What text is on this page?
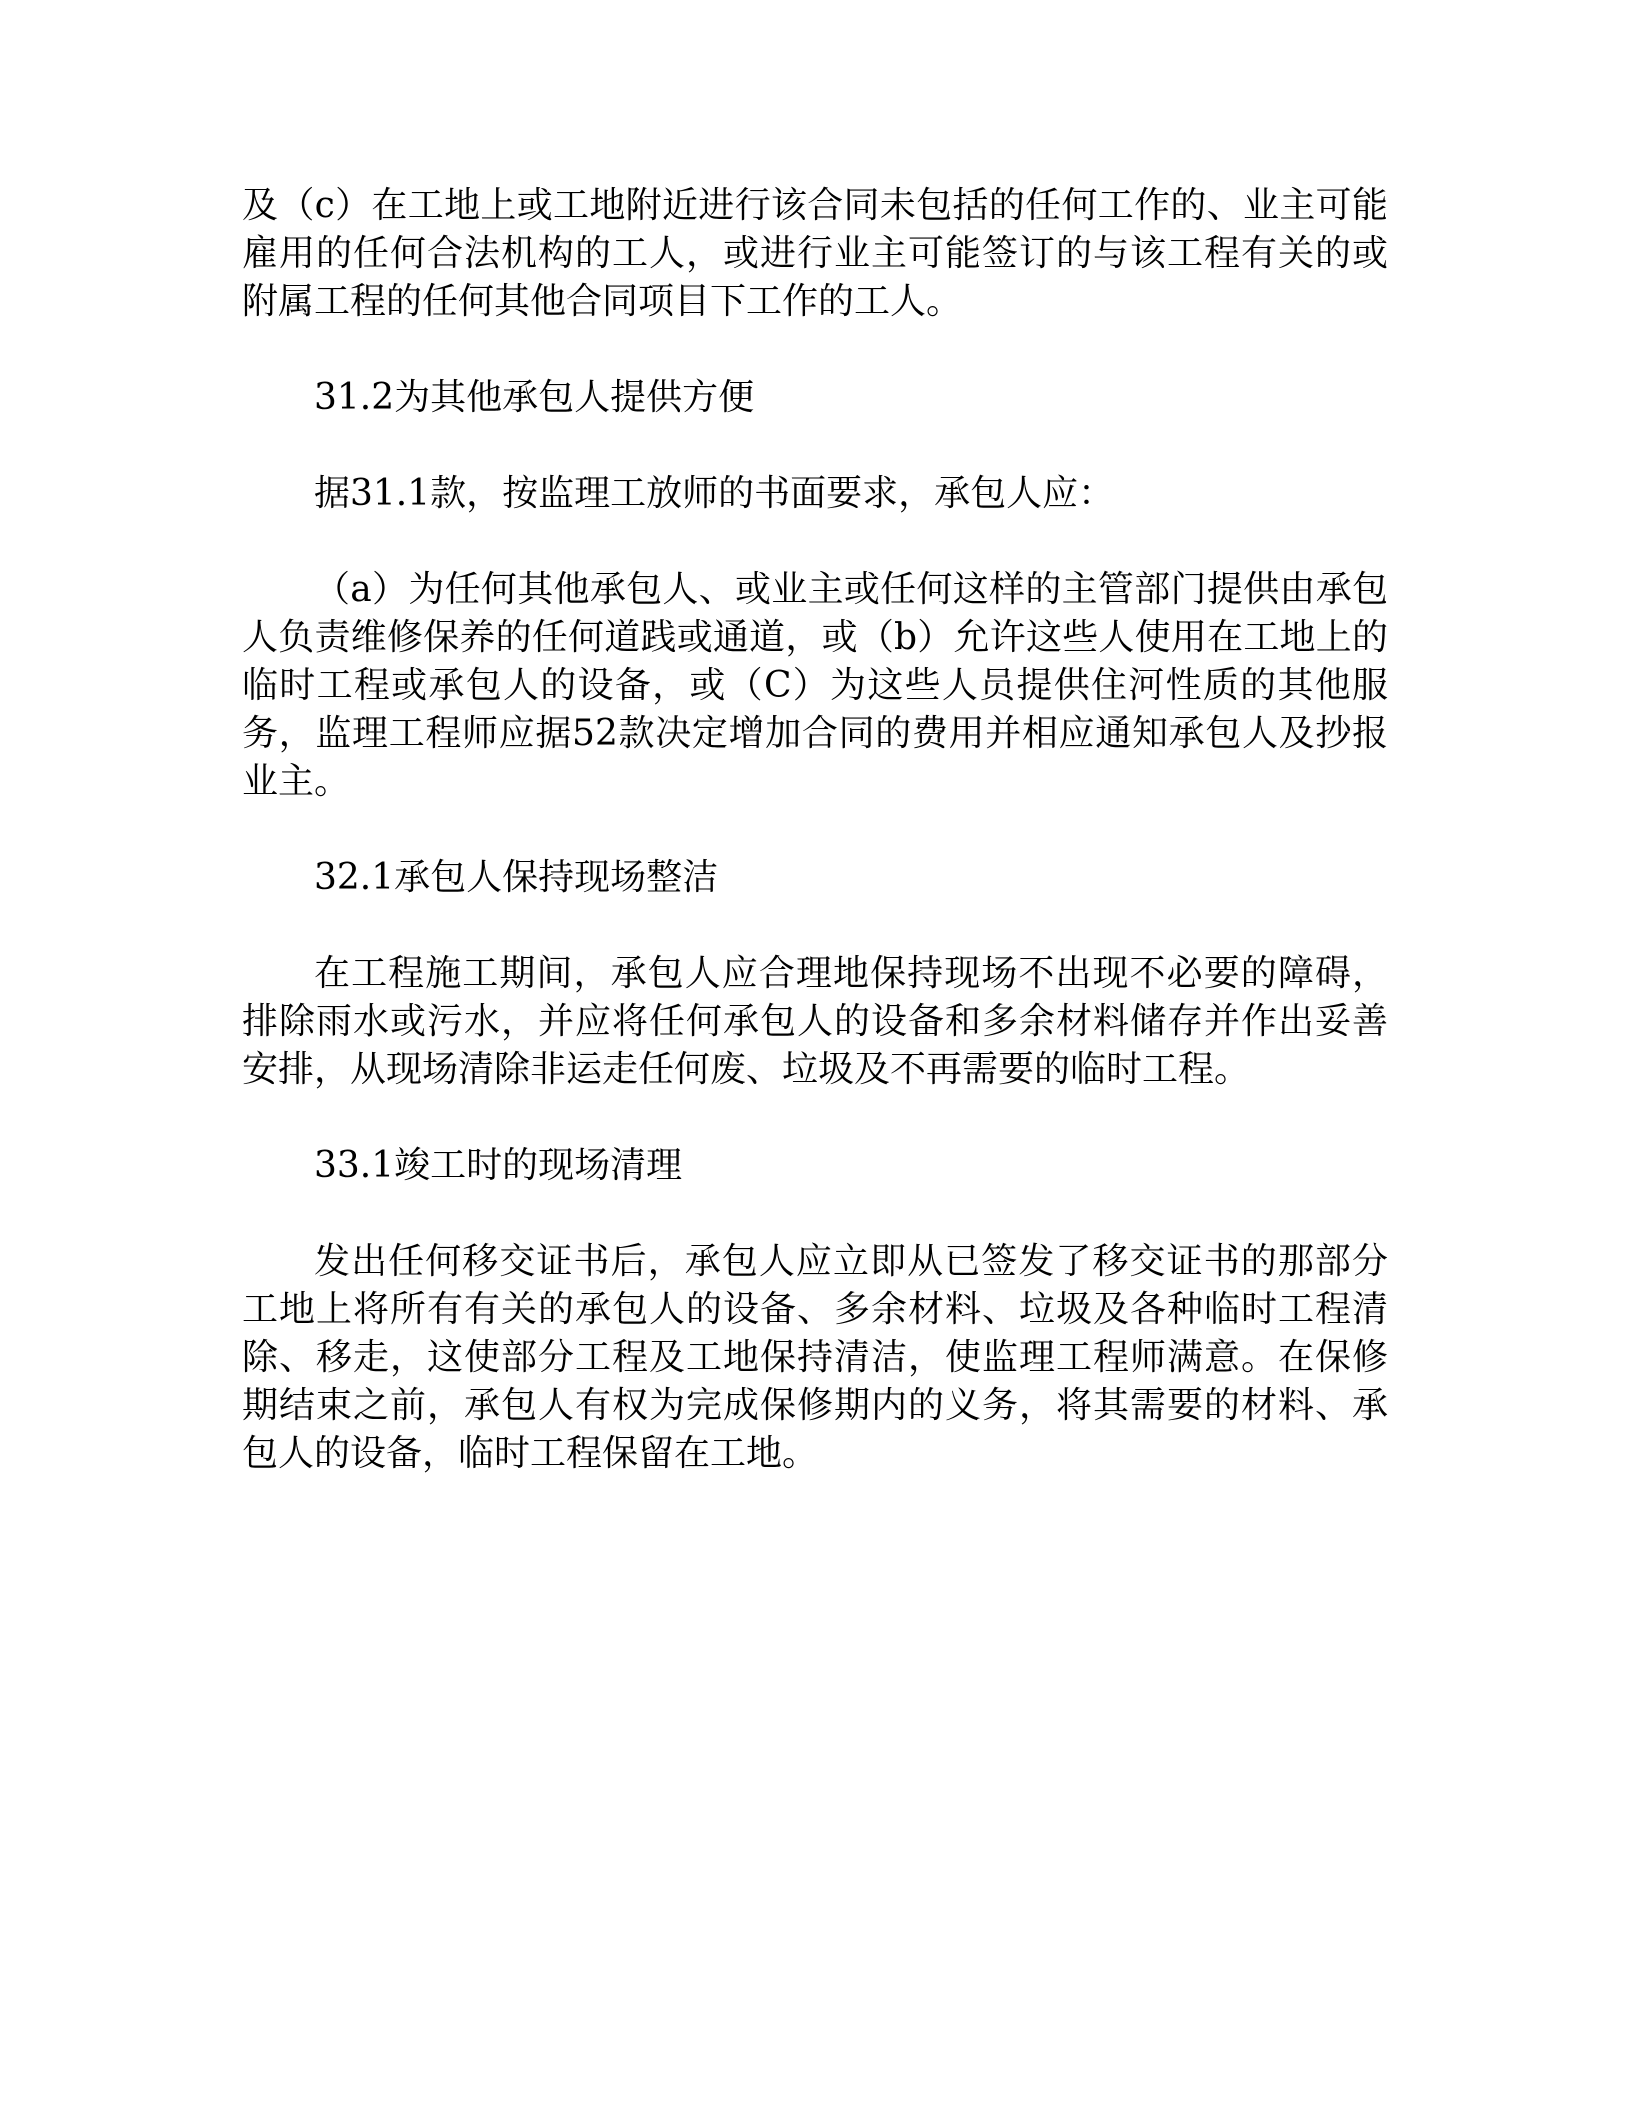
及（c）在工地上或工地附近进行该合同未包括的任何工作的、业主可能雇用的任何合法机构的工人，或进行业主可能签订的与该工程有关的或附属工程的任何其他合同项目下工作的工人。

31.2为其他承包人提供方便

据31.1款，按监理工放师的书面要求，承包人应：

（a）为任何其他承包人、或业主或任何这样的主管部门提供由承包人负责维修保养的任何道践或通道，或（b）允许这些人使用在工地上的临时工程或承包人的设备，或（C）为这些人员提供住河性质的其他服务，监理工程师应据52款决定增加合同的费用并相应通知承包人及抄报业主。

32.1承包人保持现场整洁

在工程施工期间，承包人应合理地保持现场不出现不必要的障碍，排除雨水或污水，并应将任何承包人的设备和多余材料储存并作出妥善安排，从现场清除非运走任何废、垃圾及不再需要的临时工程。

33.1竣工时的现场清理

发出任何移交证书后，承包人应立即从已签发了移交证书的那部分工地上将所有有关的承包人的设备、多余材料、垃圾及各种临时工程清除、移走，这使部分工程及工地保持清洁，使监理工程师满意。在保修期结束之前，承包人有权为完成保修期内的义务，将其需要的材料、承包人的设备，临时工程保留在工地。
